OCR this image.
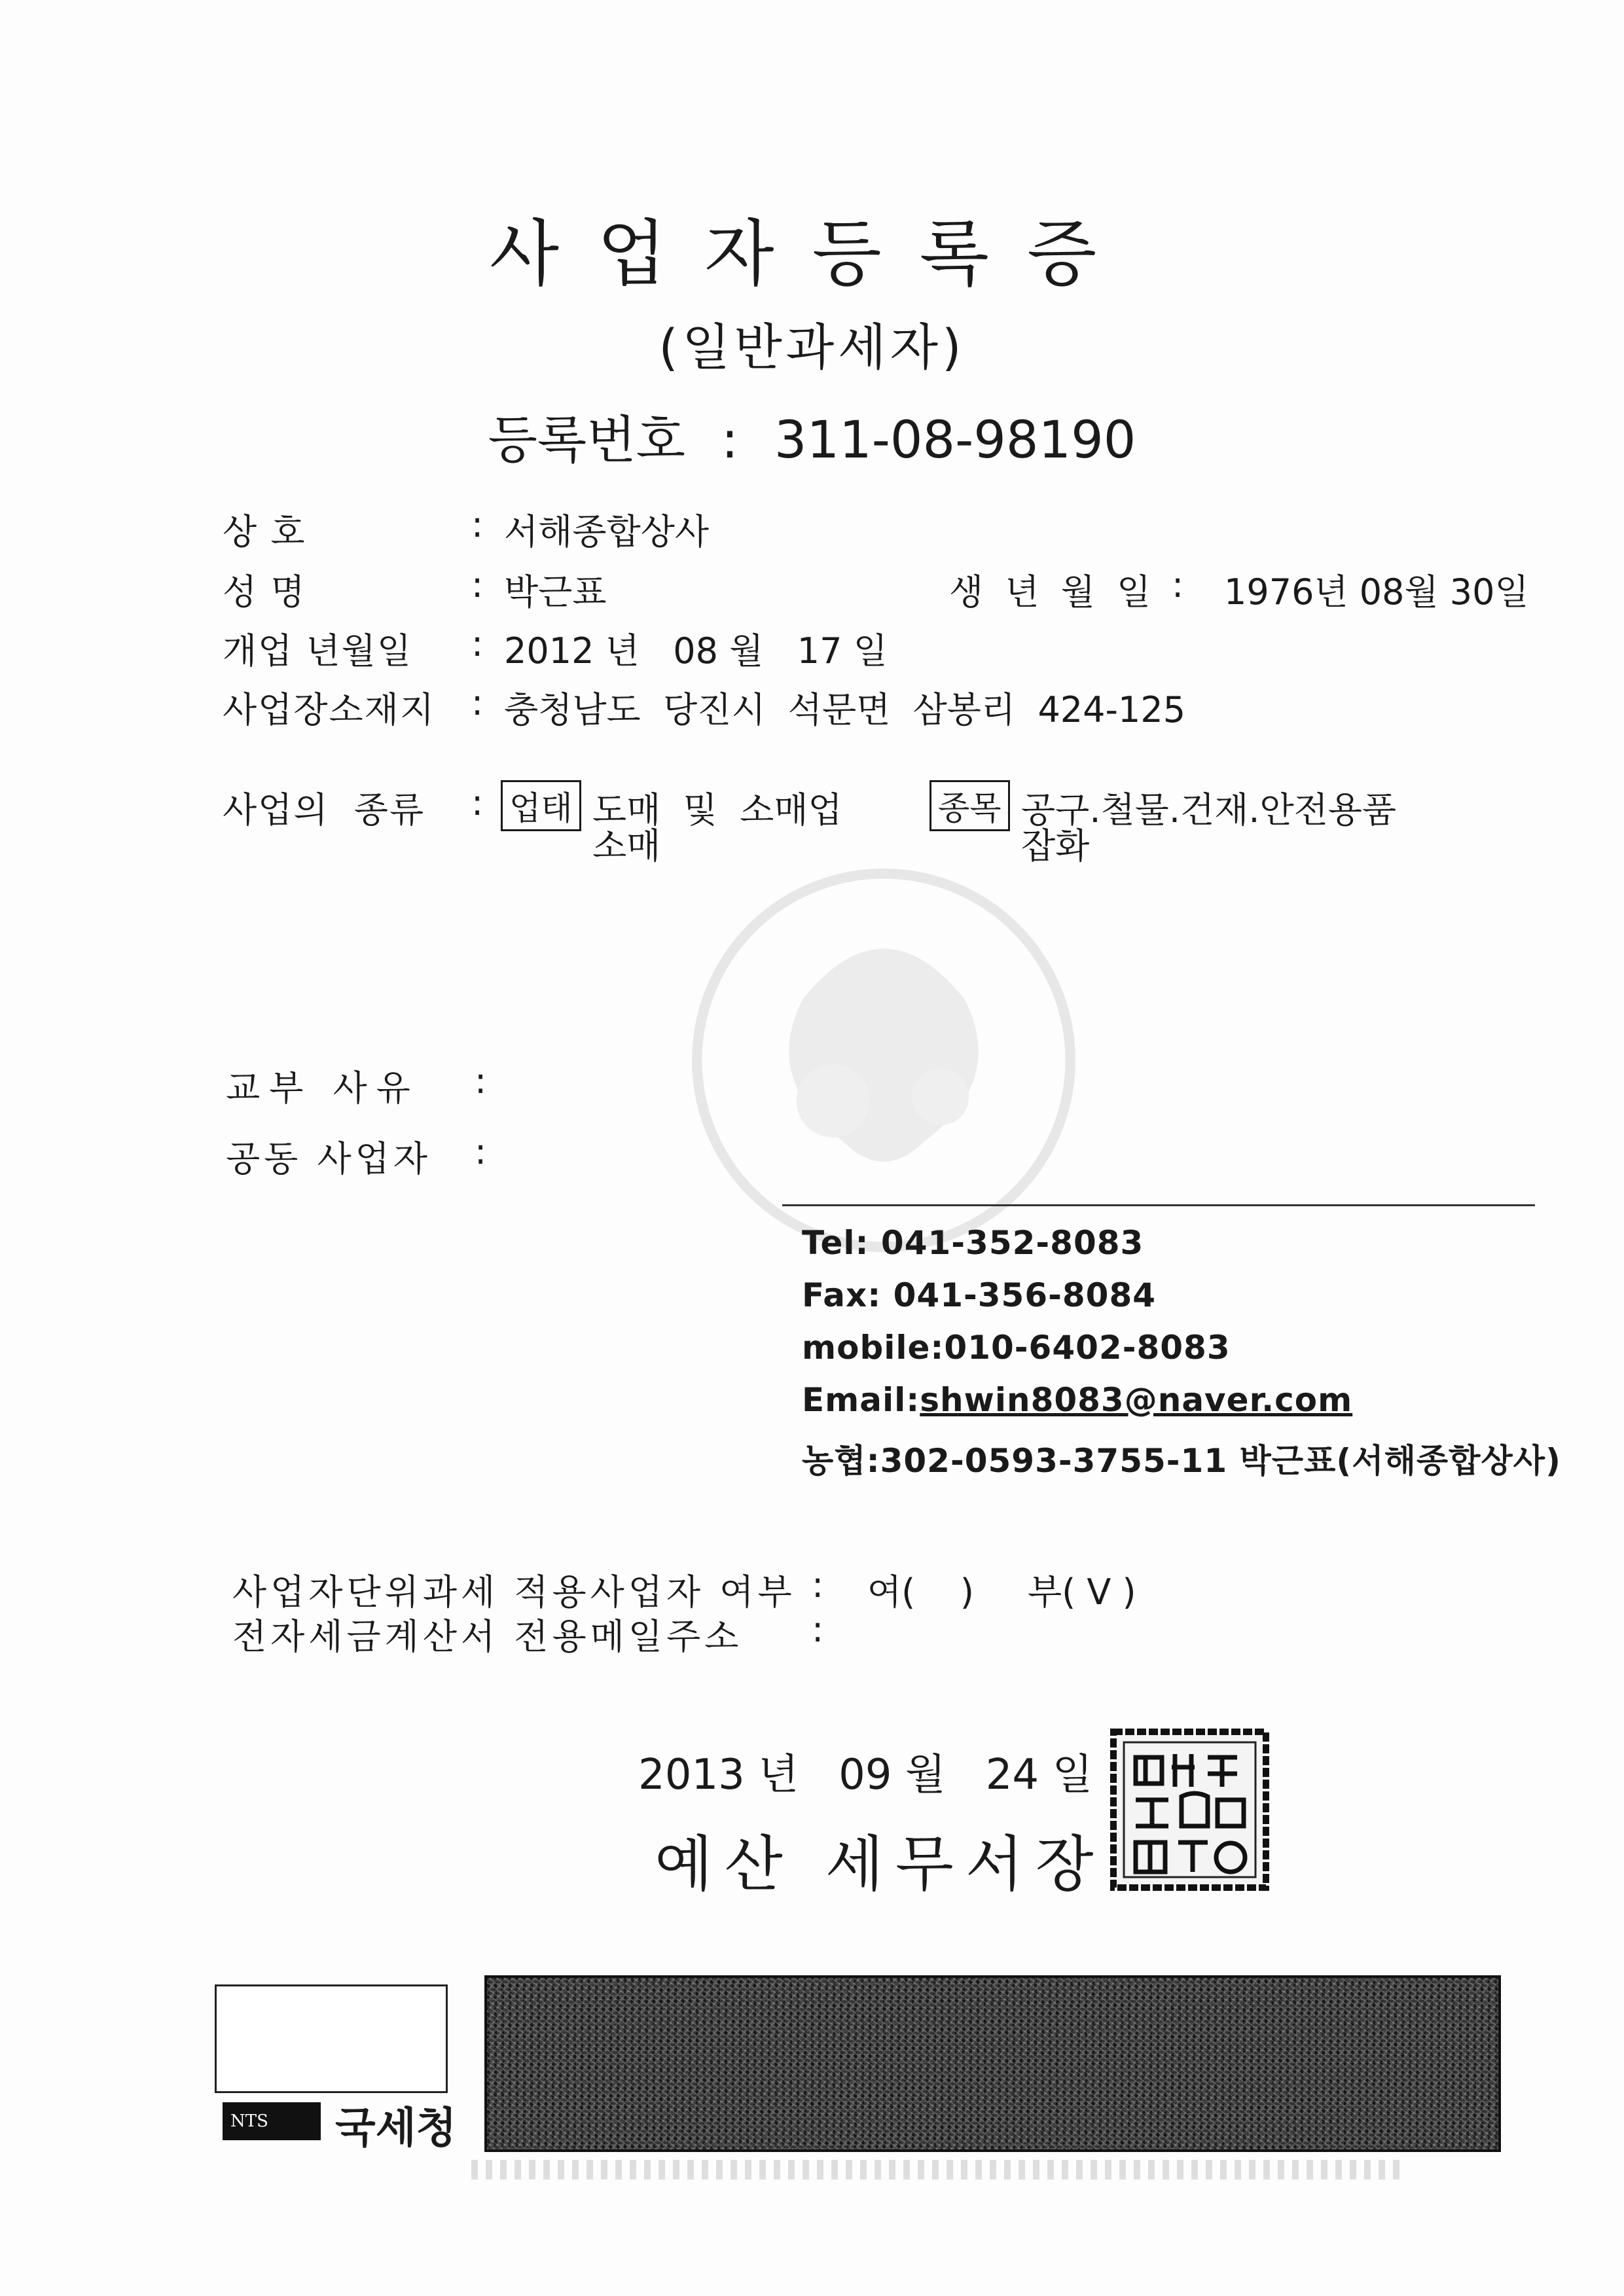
사업자등록증
(일반과세자)
등록번호 : 311-08-98190
상 호	: 서해종합상사
성 명	: 박근표	생 년 월 일 : 1976년 08월 30일
개업 년월일 : 2012 년   08 월   17 일
사업장소재지 : 충청남도  당진시  석문면  삼봉리  424-125
사업의  종류 : 업태 도매  및  소매업
소매
종목 공구.철물.건재.안전용품
잡화
교부 사유 :
공동 사업자 :
Tel: 041-352-8083
Fax: 041-356-8084
mobile:010-6402-8083
Email:shwin8083@naver.com
농협:302-0593-3755-11 박근표(서해종합상사)
사업자단위과세 적용사업자 여부 : 여(    ) 부( V )
전자세금계산서 전용메일주소 :
2013 년   09 월   24 일
예산 세무서장
NTS	국세청
